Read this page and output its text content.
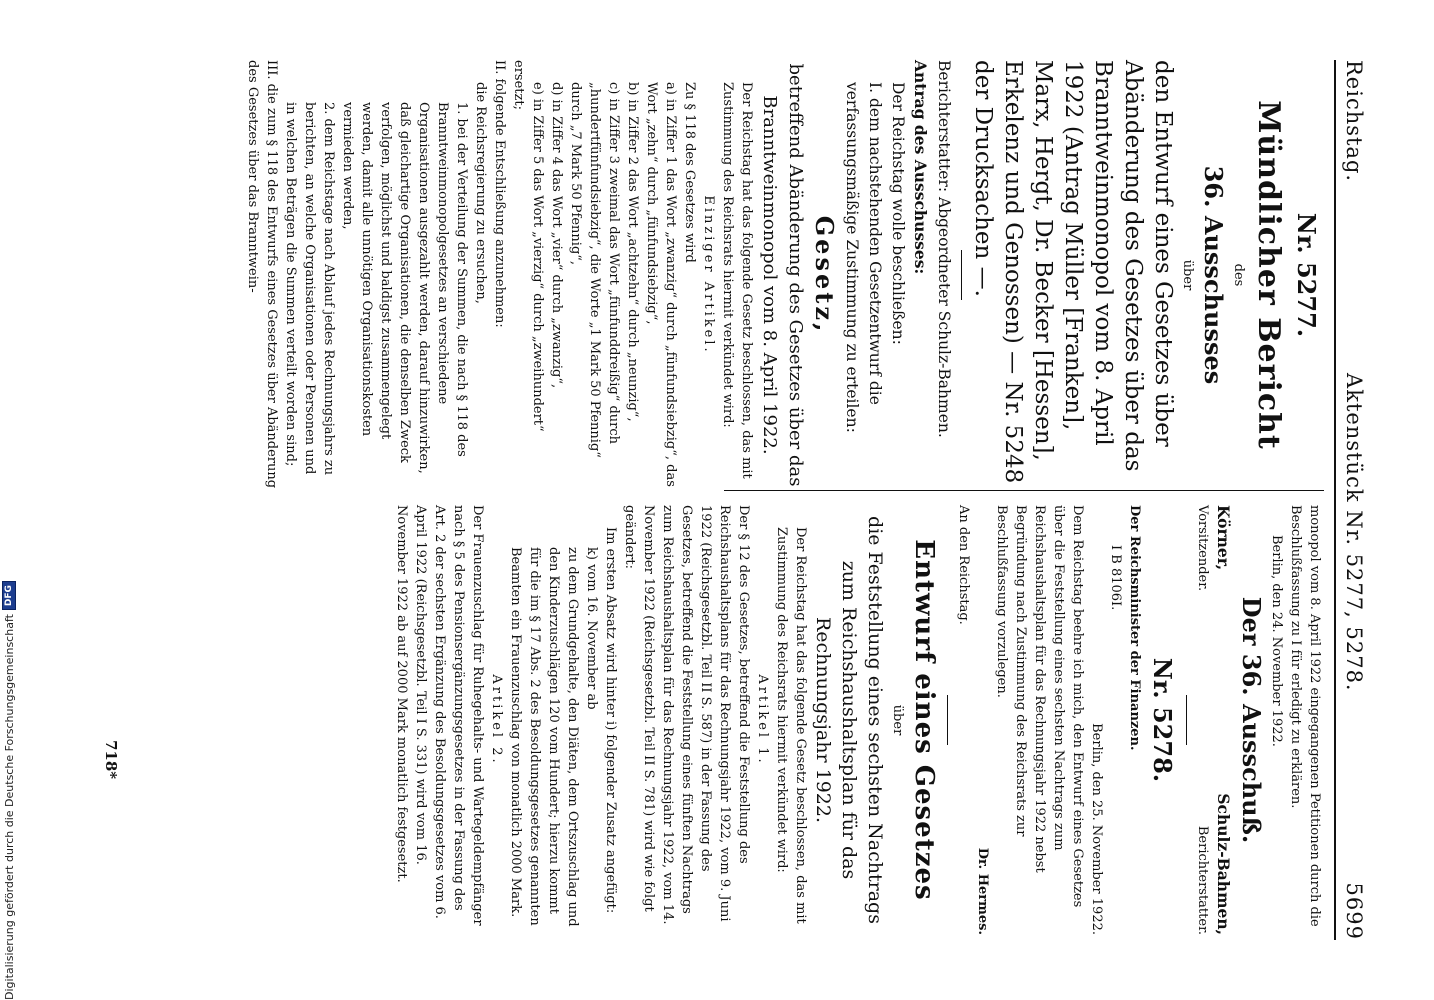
Digitalisierung gefördert durch die Deutsche Forschungsgemeinschaft
DFG
Reichstag.
Aktenstück Nr. 5277, 5278.
5699

Nr. 5277.

Mündlicher Bericht

des

36. Ausschusses

über

den Entwurf eines Gesetzes über Abänderung des Gesetzes über das Branntweinmonopol vom 8. April 1922 (Antrag Müller [Franken], Marx, Hergt, Dr. Becker [Hessen], Erkelenz und Genossen) — Nr. 5248 der Drucksachen —.

Berichterstatter: Abgeordneter Schulz-Bahmen.

Antrag des Ausschusses:

Der Reichstag wolle beschließen:

I. dem nachstehenden Gesetzentwurf die verfassungsmäßige Zustimmung zu erteilen:

Gesetz,

betreffend Abänderung des Gesetzes über das Branntweinmonopol vom 8. April 1922.

Der Reichstag hat das folgende Gesetz beschlossen, das mit Zustimmung des Reichsrats hiermit verkündet wird:

Einziger Artikel.

Zu § 118 des Gesetzes wird

a) in Ziffer 1 das Wort „zwanzig“ durch „fünfundsiebzig“, das Wort „zehn“ durch „fünfundsiebzig“,

b) in Ziffer 2 das Wort „achtzehn“ durch „neunzig“,

c) in Ziffer 3 zweimal das Wort „fünfunddreißig“ durch „hundertfünfundsiebzig“, die Worte „1 Mark 50 Pfennig“ durch „7 Mark 50 Pfennig“,

d) in Ziffer 4 das Wort „vier“ durch „zwanzig“,

e) in Ziffer 5 das Wort „vierzig“ durch „zweihundert“

ersetzt;

II. folgende Entschließung anzunehmen:

die Reichsregierung zu ersuchen,

1. bei der Verteilung der Summen, die nach § 118 des Branntweinmonopolgesetzes an verschiedene Organisationen ausgezahlt werden, darauf hinzuwirken, daß gleichartige Organisationen, die denselben Zweck verfolgen, möglichst und baldigst zusammengelegt werden, damit alle unnötigen Organisationskosten vermieden werden,

2. dem Reichstage nach Ablauf jedes Rechnungsjahrs zu berichten, an welche Organisationen oder Personen und in welchen Beträgen die Summen verteilt worden sind;

III. die zum § 118 des Entwurfs eines Gesetzes über Abänderung des Gesetzes über das Branntwein-

monopol vom 8. April 1922 eingegangenen Petitionen durch die Beschlußfassung zu I für erledigt zu erklären.

Berlin, den 24. November 1922.

Der 36. Ausschuß.

Körner,

Vorsitzender.

Schulz-Bahmen,

Berichterstatter.

Nr. 5278.

Der Reichsminister der Finanzen.

I B 8106I.

Berlin, den 25. November 1922.

Dem Reichstag beehre ich mich, den Entwurf eines Gesetzes über die Feststellung eines sechsten Nachtrags zum Reichshaushaltsplan für das Rechnungsjahr 1922 nebst Begründung nach Zustimmung des Reichsrats zur Beschlußfassung vorzulegen.

Dr. Hermes.

An den Reichstag.

Entwurf eines Gesetzes

über

die Feststellung eines sechsten Nachtrags zum Reichshaushaltsplan für das Rechnungsjahr 1922.

Der Reichstag hat das folgende Gesetz beschlossen, das mit Zustimmung des Reichsrats hiermit verkündet wird:

Artikel 1.

Der § 12 des Gesetzes, betreffend die Feststellung des Reichshaushaltsplans für das Rechnungsjahr 1922, vom 9. Juni 1922 (Reichsgesetzbl. Teil II S. 587) in der Fassung des Gesetzes, betreffend die Feststellung eines fünften Nachtrags zum Reichshaushaltsplan für das Rechnungsjahr 1922, vom 14. November 1922 (Reichsgesetzbl. Teil II S. 781) wird wie folgt geändert:

Im ersten Absatz wird hinter i) folgender Zusatz angefügt:

k) vom 16. November ab

zu dem Grundgehalte, den Diäten, dem Ortszuschlag und den Kinderzuschlägen 120 vom Hundert; hierzu kommt für die im § 17 Abs. 2 des Besoldungsgesetzes genannten Beamten ein Frauenzuschlag von monatlich 2000 Mark.

Artikel 2.

Der Frauenzuschlag für Ruhegehalts- und Wartegeldempfänger nach § 5 des Pensionsergänzungsgesetzes in der Fassung des Art. 2 der sechsten Ergänzung des Besoldungsgesetzes vom 6. April 1922 (Reichsgesetzbl. Teil I S. 331) wird vom 16. November 1922 ab auf 2000 Mark monatlich festgesetzt.

718*
